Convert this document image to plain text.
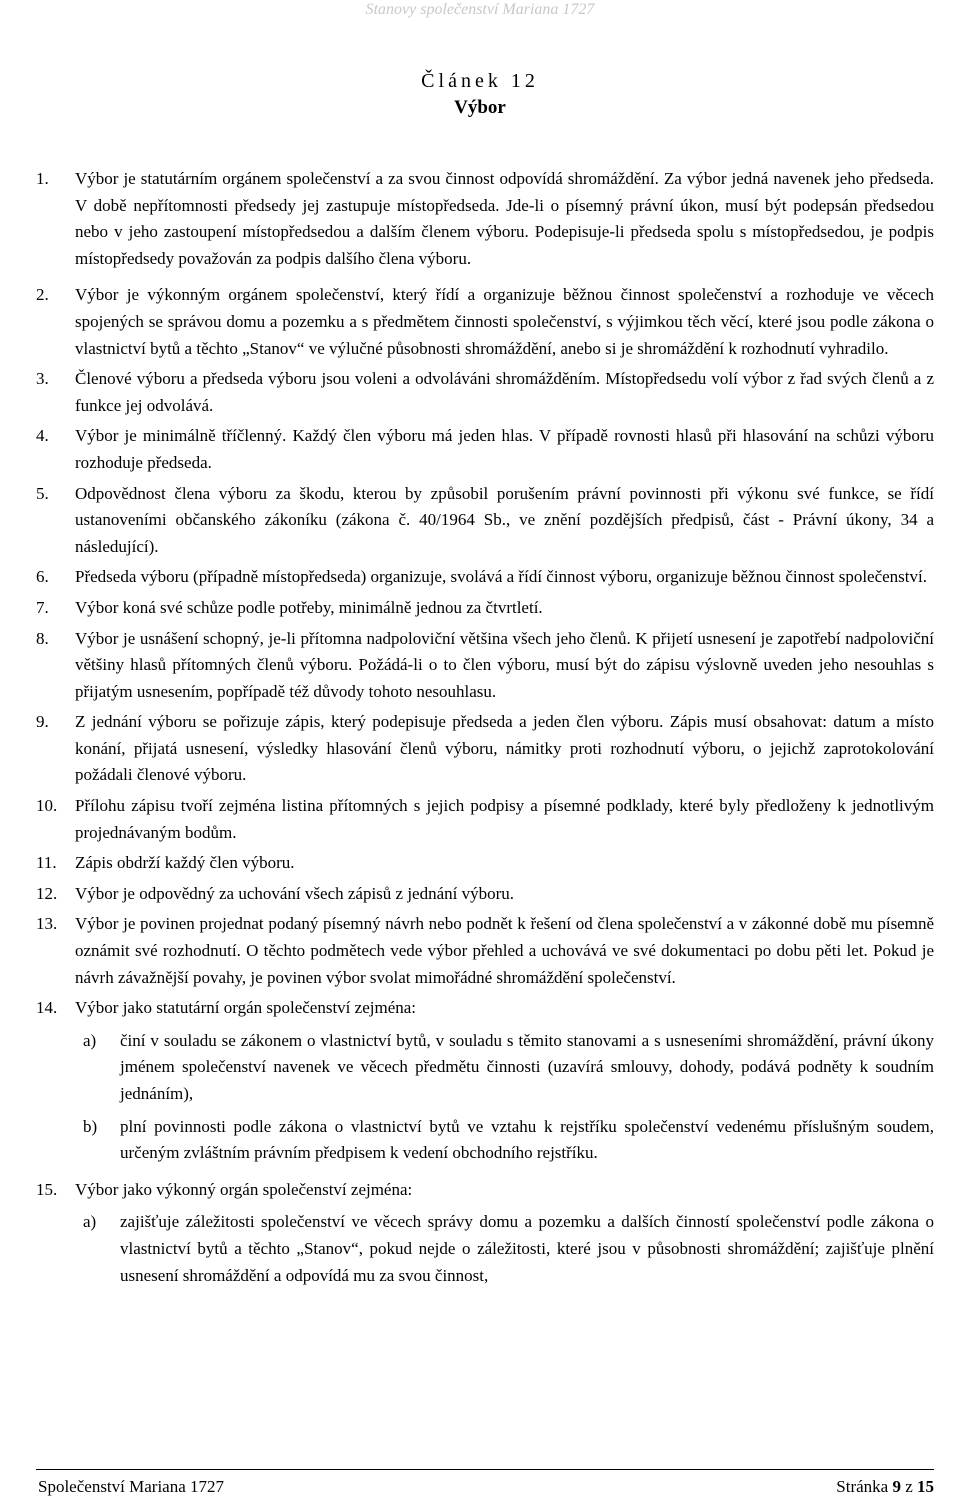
Stanovy společenství Mariana 1727
Článek 12
Výbor
1.	Výbor je statutárním orgánem společenství a za svou činnost odpovídá shromáždění. Za výbor jedná navenek jeho předseda. V době nepřítomnosti předsedy jej zastupuje místopředseda. Jde-li o písemný právní úkon, musí být podepsán předsedou nebo v jeho zastoupení místopředsedou a dalším členem výboru. Podepisuje-li předseda spolu s místopředsedou, je podpis místopředsedy považován za podpis dalšího člena výboru.
2.	Výbor je výkonným orgánem společenství, který řídí a organizuje běžnou činnost společenství a rozhoduje ve věcech spojených se správou domu a pozemku a s předmětem činnosti společenství, s výjimkou těch věcí, které jsou podle zákona o vlastnictví bytů a těchto „Stanov“ ve výlučné působnosti shromáždění, anebo si je shromáždění k rozhodnutí vyhradilo.
3.	Členové výboru a předseda výboru jsou voleni a odvoláváni shromážděním. Místopředsedu volí výbor z řad svých členů a z funkce jej odvolává.
4.	Výbor je minimálně tříčlenný. Každý člen výboru má jeden hlas. V případě rovnosti hlasů při hlasování na schůzi výboru rozhoduje předseda.
5.	Odpovědnost člena výboru za škodu, kterou by způsobil porušením právní povinnosti při výkonu své funkce, se řídí ustanoveními občanského zákoníku (zákona č. 40/1964 Sb., ve znění pozdějších předpisů, část - Právní úkony, 34 a následující).
6.	Předseda výboru (případně místopředseda) organizuje, svolává a řídí činnost výboru, organizuje běžnou činnost společenství.
7.	Výbor koná své schůze podle potřeby, minimálně jednou za čtvrtletí.
8.	Výbor je usnášení schopný, je-li přítomna nadpoloviční většina všech jeho členů. K přijetí usnesení je zapotřebí nadpoloviční většiny hlasů přítomných členů výboru. Požádá-li o to člen výboru, musí být do zápisu výslovně uveden jeho nesouhlas s přijatým usnesením, popřípadě též důvody tohoto nesouhlasu.
9.	Z jednání výboru se pořizuje zápis, který podepisuje předseda a jeden člen výboru. Zápis musí obsahovat: datum a místo konání, přijatá usnesení, výsledky hlasování členů výboru, námitky proti rozhodnutí výboru, o jejichž zaprotokolování požádali členové výboru.
10.	Přílohu zápisu tvoří zejména listina přítomných s jejich podpisy a písemné podklady, které byly předloženy k jednotlivým projednávaným bodům.
11.	Zápis obdrží každý člen výboru.
12.	Výbor je odpovědný za uchování všech zápisů z jednání výboru.
13.	Výbor je povinen projednat podaný písemný návrh nebo podnět k řešení od člena společenství a v zákonné době mu písemně oznámit své rozhodnutí. O těchto podmětech vede výbor přehled a uchovává ve své dokumentaci po dobu pěti let. Pokud je návrh závažnější povahy, je povinen výbor svolat mimořádné shromáždění společenství.
14.	Výbor jako statutární orgán společenství zejména:
a)	činí v souladu se zákonem o vlastnictví bytů, v souladu s těmito stanovami a s usneseními shromáždění, právní úkony jménem společenství navenek ve věcech předmětu činnosti (uzavírá smlouvy, dohody, podává podněty k soudním jednáním),
b)	plní povinnosti podle zákona o vlastnictví bytů ve vztahu k rejstříku společenství vedenému příslušným soudem, určeným zvláštním právním předpisem k vedení obchodního rejstříku.
15.	Výbor jako výkonný orgán společenství zejména:
a)	zajišťuje záležitosti společenství ve věcech správy domu a pozemku a dalších činností společenství podle zákona o vlastnictví bytů a těchto „Stanov“, pokud nejde o záležitosti, které jsou v působnosti shromáždění; zajišťuje plnění usnesení shromáždění a odpovídá mu za svou činnost,
Společenství Mariana 1727	Stránka 9 z 15
